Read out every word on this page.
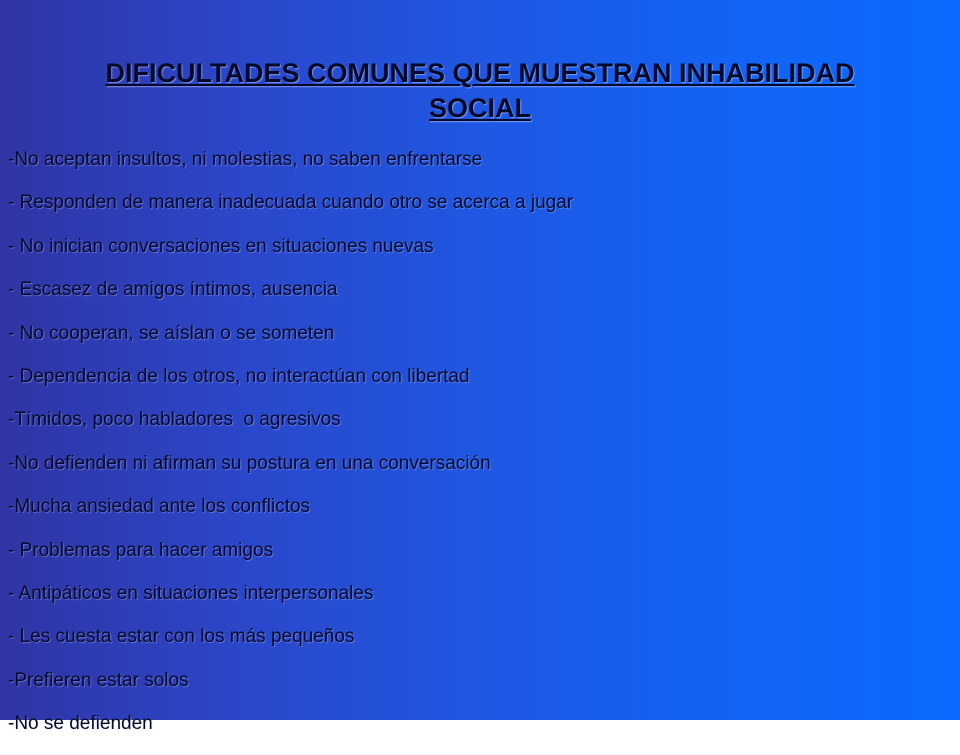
DIFICULTADES COMUNES QUE MUESTRAN INHABILIDAD
SOCIAL
-No aceptan insultos, ni molestias, no saben enfrentarse
- Responden de manera inadecuada cuando otro se acerca a jugar
- No inician conversaciones en situaciones nuevas
- Escasez de amigos íntimos, ausencia
- No cooperan, se aíslan o se someten
- Dependencia de los otros, no interactúan con libertad
-Tímidos, poco habladores  o agresivos
-No defienden ni afirman su postura en una conversación
-Mucha ansiedad ante los conflictos
- Problemas para hacer amigos
- Antipáticos en situaciones interpersonales
- Les cuesta estar con los más pequeños
-Prefieren estar solos
-No se defienden
